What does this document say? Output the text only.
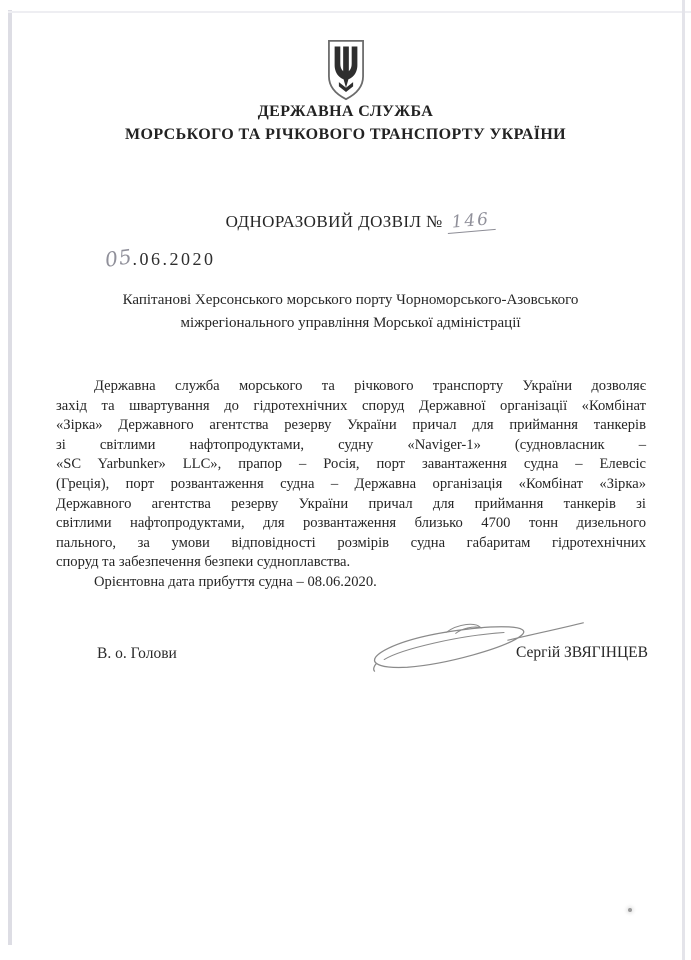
ДЕРЖАВНА СЛУЖБА
МОРСЬКОГО ТА РІЧКОВОГО ТРАНСПОРТУ УКРАЇНИ
ОДНОРАЗОВИЙ ДОЗВІЛ № 146
05.06.2020
Капітанові Херсонського морського порту Чорноморського-Азовського
міжрегіонального управління Морської адміністрації
Державна служба морського та річкового транспорту України дозволяє
захід та швартування до гідротехнічних споруд Державної організації «Комбінат
«Зірка» Державного агентства резерву України причал для приймання танкерів
зі світлими нафтопродуктами, судну «Naviger-1» (судновласник –
«SC Yarbunker» LLC», прапор – Росія, порт завантаження судна – Елевсіс
(Греція), порт розвантаження судна – Державна організація «Комбінат «Зірка»
Державного агентства резерву України причал для приймання танкерів зі
світлими нафтопродуктами, для розвантаження близько 4700 тонн дизельного
пального, за умови відповідності розмірів судна габаритам гідротехнічних
споруд та забезпечення безпеки судноплавства.
Орієнтовна дата прибуття судна – 08.06.2020.
В. о. Голови	Сергій ЗВЯГІНЦЕВ
